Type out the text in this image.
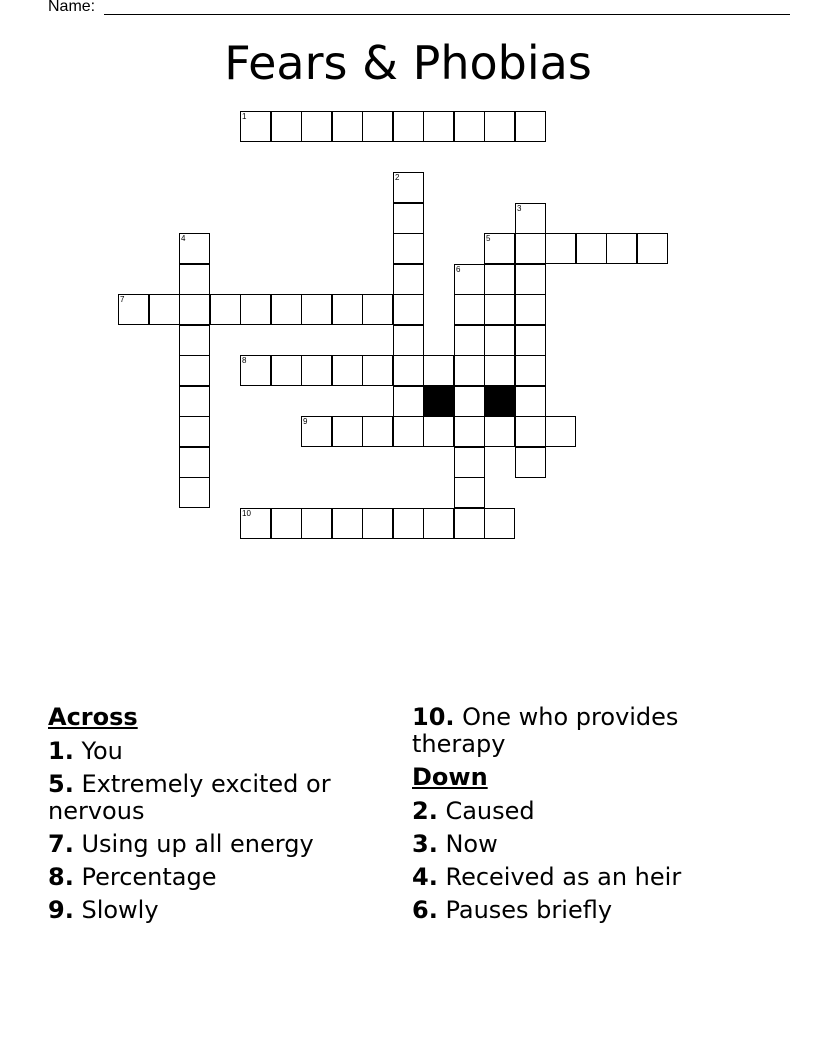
Name:
Fears & Phobias
1
5
7
8
9
10
2
3
4
6
Across
1. You
5. Extremely excited or nervous
7. Using up all energy
8. Percentage
9. Slowly
10. One who provides therapy
Down
2. Caused
3. Now
4. Received as an heir
6. Pauses briefly
